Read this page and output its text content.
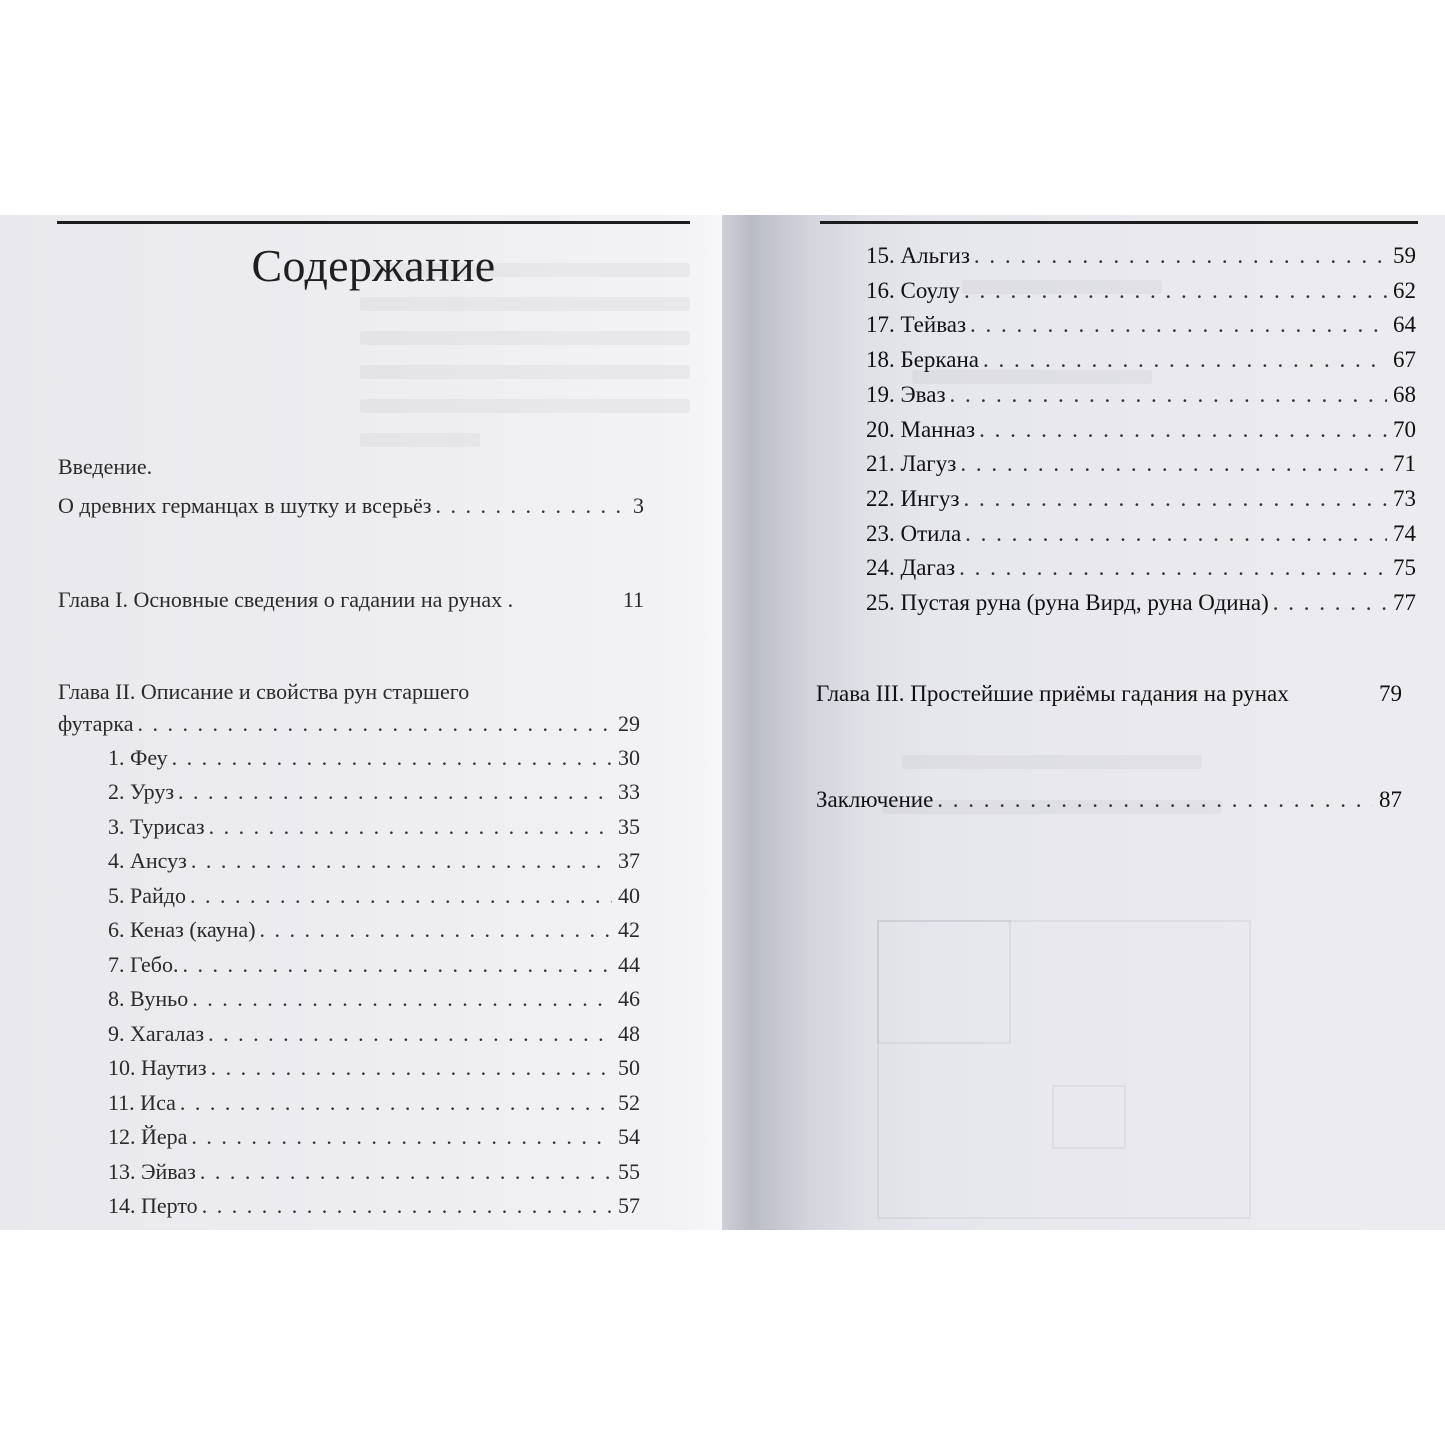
Содержание
Введение.
О древних германцах в шутку и всерьёз . . .	3
Глава I. Основные сведения о гадании на рунах .	11
Глава II. Описание и свойства рун старшего
футарка . . .	29
1. Феу . . .	30
2. Уруз . . .	33
3. Турисаз . . .	35
4. Ансуз . . .	37
5. Райдо . . .	40
6. Кеназ (кауна) . . .	42
7. Гебо. . . .	44
8. Вуньо . . .	46
9. Хагалаз . . .	48
10. Наутиз . . .	50
11. Иса . . .	52
12. Йера . . .	54
13. Эйваз . . .	55
14. Перто . . .	57
15. Альгиз . . .	59
16. Соулу . . .	62
17. Тейваз . . .	64
18. Беркана . . .	67
19. Эваз . . .	68
20. Манназ . . .	70
21. Лагуз . . .	71
22. Ингуз . . .	73
23. Отила . . .	74
24. Дагаз . . .	75
25. Пустая руна (руна Вирд, руна Одина) . . .	77
Глава III. Простейшие приёмы гадания на рунах	79
Заключение . . .	87
